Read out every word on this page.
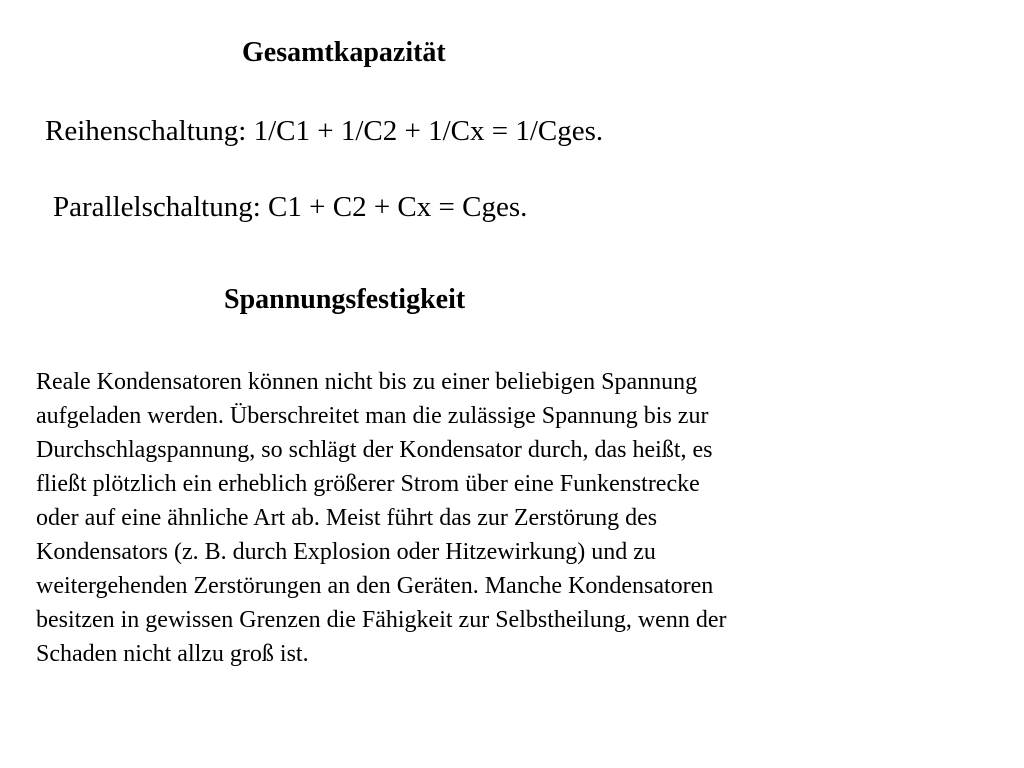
Gesamtkapazität

Reihenschaltung: 1/C1 + 1/C2 + 1/Cx = 1/Cges.

Parallelschaltung: C1 + C2 + Cx = Cges.

Spannungsfestigkeit

Reale Kondensatoren können nicht bis zu einer beliebigen Spannung
aufgeladen werden. Überschreitet man die zulässige Spannung bis zur
Durchschlagspannung, so schlägt der Kondensator durch, das heißt, es
fließt plötzlich ein erheblich größerer Strom über eine Funkenstrecke
oder auf eine ähnliche Art ab. Meist führt das zur Zerstörung des
Kondensators (z. B. durch Explosion oder Hitzewirkung) und zu
weitergehenden Zerstörungen an den Geräten. Manche Kondensatoren
besitzen in gewissen Grenzen die Fähigkeit zur Selbstheilung, wenn der
Schaden nicht allzu groß ist.
